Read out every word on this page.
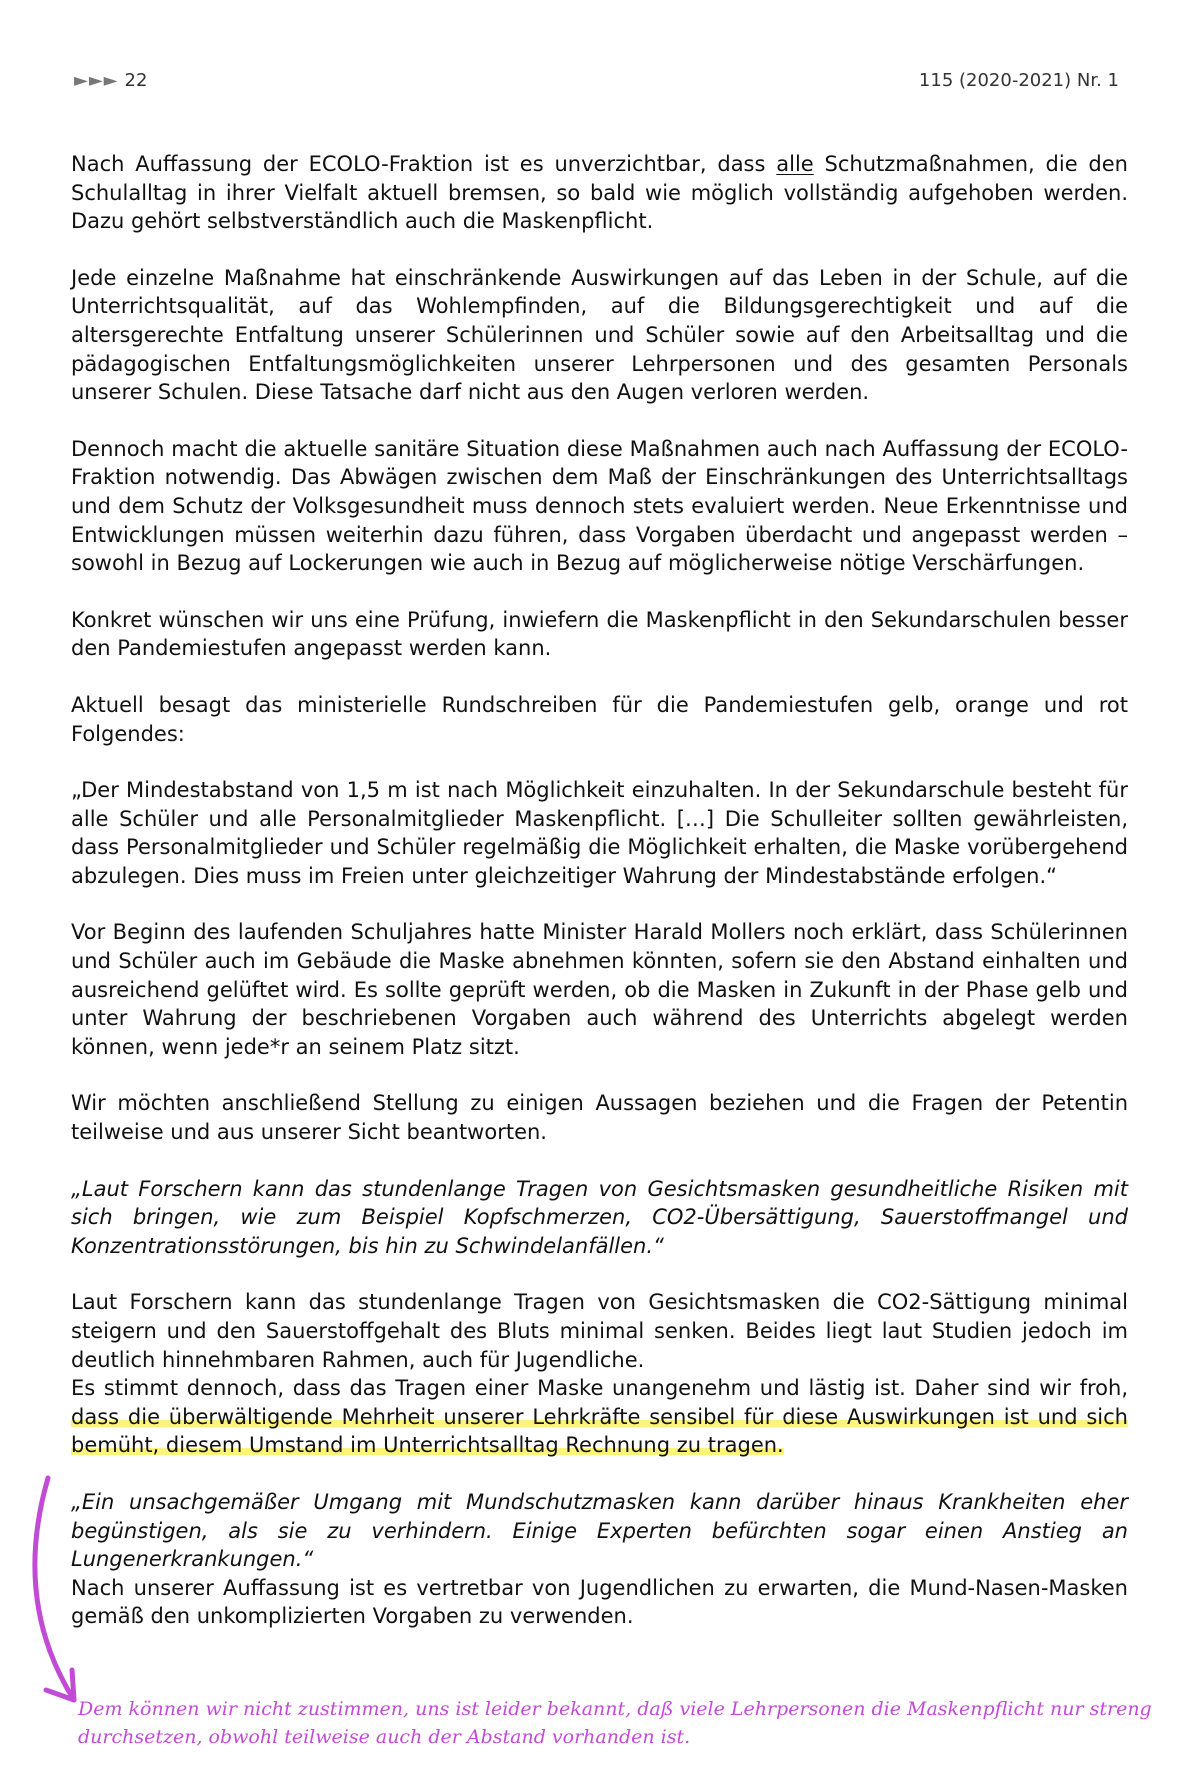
►►► 22	115 (2020-2021) Nr. 1

Nach Auffassung der ECOLO-Fraktion ist es unverzichtbar, dass alle Schutzmaßnahmen, die den Schulalltag in ihrer Vielfalt aktuell bremsen, so bald wie möglich vollständig aufgehoben werden. Dazu gehört selbstverständlich auch die Maskenpflicht.

Jede einzelne Maßnahme hat einschränkende Auswirkungen auf das Leben in der Schule, auf die Unterrichtsqualität, auf das Wohlempfinden, auf die Bildungsgerechtigkeit und auf die altersgerechte Entfaltung unserer Schülerinnen und Schüler sowie auf den Arbeitsalltag und die pädagogischen Entfaltungsmöglichkeiten unserer Lehrpersonen und des gesamten Personals unserer Schulen. Diese Tatsache darf nicht aus den Augen verloren werden.

Dennoch macht die aktuelle sanitäre Situation diese Maßnahmen auch nach Auffassung der ECOLO-Fraktion notwendig. Das Abwägen zwischen dem Maß der Einschränkungen des Unterrichtsalltags und dem Schutz der Volksgesundheit muss dennoch stets evaluiert werden. Neue Erkenntnisse und Entwicklungen müssen weiterhin dazu führen, dass Vorgaben überdacht und angepasst werden – sowohl in Bezug auf Lockerungen wie auch in Bezug auf möglicherweise nötige Verschärfungen.

Konkret wünschen wir uns eine Prüfung, inwiefern die Maskenpflicht in den Sekundarschulen besser den Pandemiestufen angepasst werden kann.

Aktuell besagt das ministerielle Rundschreiben für die Pandemiestufen gelb, orange und rot Folgendes:

„Der Mindestabstand von 1,5 m ist nach Möglichkeit einzuhalten. In der Sekundarschule besteht für alle Schüler und alle Personalmitglieder Maskenpflicht. […] Die Schulleiter sollten gewährleisten, dass Personalmitglieder und Schüler regelmäßig die Möglichkeit erhalten, die Maske vorübergehend abzulegen. Dies muss im Freien unter gleichzeitiger Wahrung der Mindestabstände erfolgen.“

Vor Beginn des laufenden Schuljahres hatte Minister Harald Mollers noch erklärt, dass Schülerinnen und Schüler auch im Gebäude die Maske abnehmen könnten, sofern sie den Abstand einhalten und ausreichend gelüftet wird. Es sollte geprüft werden, ob die Masken in Zukunft in der Phase gelb und unter Wahrung der beschriebenen Vorgaben auch während des Unterrichts abgelegt werden können, wenn jede*r an seinem Platz sitzt.

Wir möchten anschließend Stellung zu einigen Aussagen beziehen und die Fragen der Petentin teilweise und aus unserer Sicht beantworten.

„Laut Forschern kann das stundenlange Tragen von Gesichtsmasken gesundheitliche Risiken mit sich bringen, wie zum Beispiel Kopfschmerzen, CO2-Übersättigung, Sauerstoffmangel und Konzentrationsstörungen, bis hin zu Schwindelanfällen.“

Laut Forschern kann das stundenlange Tragen von Gesichtsmasken die CO2-Sättigung minimal steigern und den Sauerstoffgehalt des Bluts minimal senken. Beides liegt laut Studien jedoch im deutlich hinnehmbaren Rahmen, auch für Jugendliche.

Es stimmt dennoch, dass das Tragen einer Maske unangenehm und lästig ist. Daher sind wir froh, dass die überwältigende Mehrheit unserer Lehrkräfte sensibel für diese Auswirkungen ist und sich bemüht, diesem Umstand im Unterrichtsalltag Rechnung zu tragen.

„Ein unsachgemäßer Umgang mit Mundschutzmasken kann darüber hinaus Krankheiten eher begünstigen, als sie zu verhindern. Einige Experten befürchten sogar einen Anstieg an Lungenerkrankungen.“

Nach unserer Auffassung ist es vertretbar von Jugendlichen zu erwarten, die Mund-Nasen-Masken gemäß den unkomplizierten Vorgaben zu verwenden.

Dem können wir nicht zustimmen, uns ist leider bekannt, daß viele Lehrpersonen die Maskenpflicht nur streng durchsetzen, obwohl teilweise auch der Abstand vorhanden ist.
